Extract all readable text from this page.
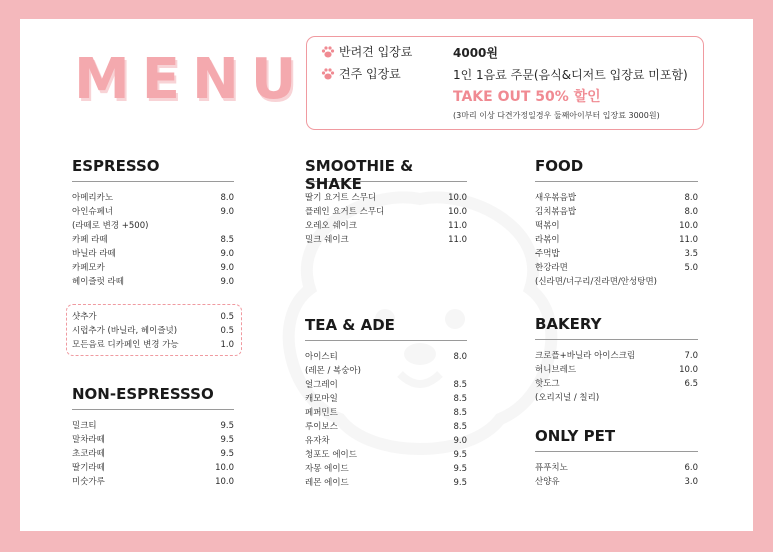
MENU	반려견 입장료	4000원
견주 입장료	1인 1음료 주문(음식&디저트 입장료 미포함)
TAKE OUT 50% 할인
(3마리 이상 다견가정일경우 둘째아이부터 입장료 3000원)
ESPRESSO
아메리카노	8.0
아인슈페너	9.0
(라떼로 변경 +500)
카페 라떼	8.5
바닐라 라떼	9.0
카페모카	9.0
헤이즐럿 라떼	9.0
샷추가	0.5
시럽추가 (바닐라, 헤이즐넛)	0.5
모든음료 디카페인 변경 가능	1.0
NON-ESPRESSSO
밀크티	9.5
말차라떼	9.5
초코라떼	9.5
딸기라떼	10.0
미숫가루	10.0
SMOOTHIE & SHAKE
딸기 요거트 스무디	10.0
플레인 요거트 스무디	10.0
오레오 쉐이크	11.0
밀크 쉐이크	11.0
TEA & ADE
아이스티	8.0
(레몬 / 복숭아)
얼그레이	8.5
캐모마일	8.5
페퍼민트	8.5
루이보스	8.5
유자차	9.0
청포도 에이드	9.5
자몽 에이드	9.5
레몬 에이드	9.5
FOOD
새우볶음밥	8.0
김치볶음밥	8.0
떡볶이	10.0
라볶이	11.0
주먹밥	3.5
한강라면	5.0
(신라면/너구리/진라면/안성탕면)
BAKERY
크로플+바닐라 아이스크림	7.0
허니브레드	10.0
핫도그	6.5
(오리지널 / 칠리)
ONLY PET
퓨푸치노	6.0
산양유	3.0
